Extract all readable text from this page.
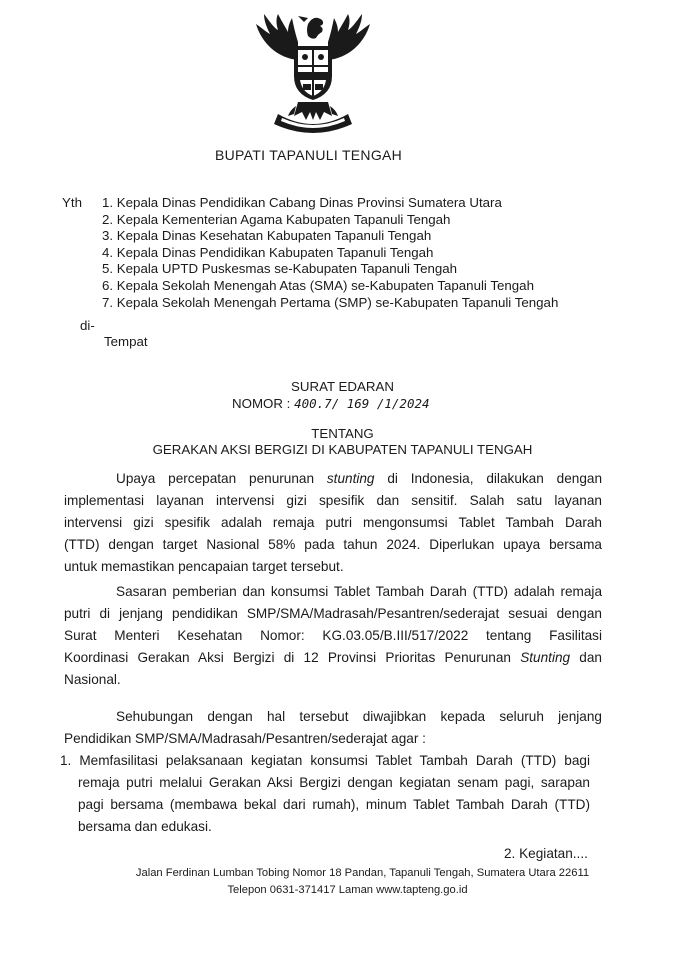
BUPATI TAPANULI TENGAH
Yth 1. Kepala Dinas Pendidikan Cabang Dinas Provinsi Sumatera Utara
2. Kepala Kementerian Agama Kabupaten Tapanuli Tengah
3. Kepala Dinas Kesehatan Kabupaten Tapanuli Tengah
4. Kepala Dinas Pendidikan Kabupaten Tapanuli Tengah
5. Kepala UPTD Puskesmas se-Kabupaten Tapanuli Tengah
6. Kepala Sekolah Menengah Atas (SMA) se-Kabupaten Tapanuli Tengah
7. Kepala Sekolah Menengah Pertama (SMP) se-Kabupaten Tapanuli Tengah
di-
Tempat
SURAT EDARAN
NOMOR : 400.7/ 169 /1/2024
TENTANG
GERAKAN AKSI BERGIZI DI KABUPATEN TAPANULI TENGAH
Upaya percepatan penurunan stunting di Indonesia, dilakukan dengan
implementasi layanan intervensi gizi spesifik dan sensitif. Salah satu layanan
intervensi gizi spesifik adalah remaja putri mengonsumsi Tablet Tambah Darah
(TTD) dengan target Nasional 58% pada tahun 2024. Diperlukan upaya bersama
untuk memastikan pencapaian target tersebut.
Sasaran pemberian dan konsumsi Tablet Tambah Darah (TTD) adalah remaja
putri di jenjang pendidikan SMP/SMA/Madrasah/Pesantren/sederajat sesuai dengan
Surat Menteri Kesehatan Nomor: KG.03.05/B.III/517/2022 tentang Fasilitasi
Koordinasi Gerakan Aksi Bergizi di 12 Provinsi Prioritas Penurunan Stunting dan
Nasional.
Sehubungan dengan hal tersebut diwajibkan kepada seluruh jenjang
Pendidikan SMP/SMA/Madrasah/Pesantren/sederajat agar :
1. Memfasilitasi pelaksanaan kegiatan konsumsi Tablet Tambah Darah (TTD) bagi
remaja putri melalui Gerakan Aksi Bergizi dengan kegiatan senam pagi, sarapan
pagi bersama (membawa bekal dari rumah), minum Tablet Tambah Darah (TTD)
bersama dan edukasi.
2. Kegiatan....
Jalan Ferdinan Lumban Tobing Nomor 18 Pandan, Tapanuli Tengah, Sumatera Utara 22611
Telepon 0631-371417 Laman www.tapteng.go.id
